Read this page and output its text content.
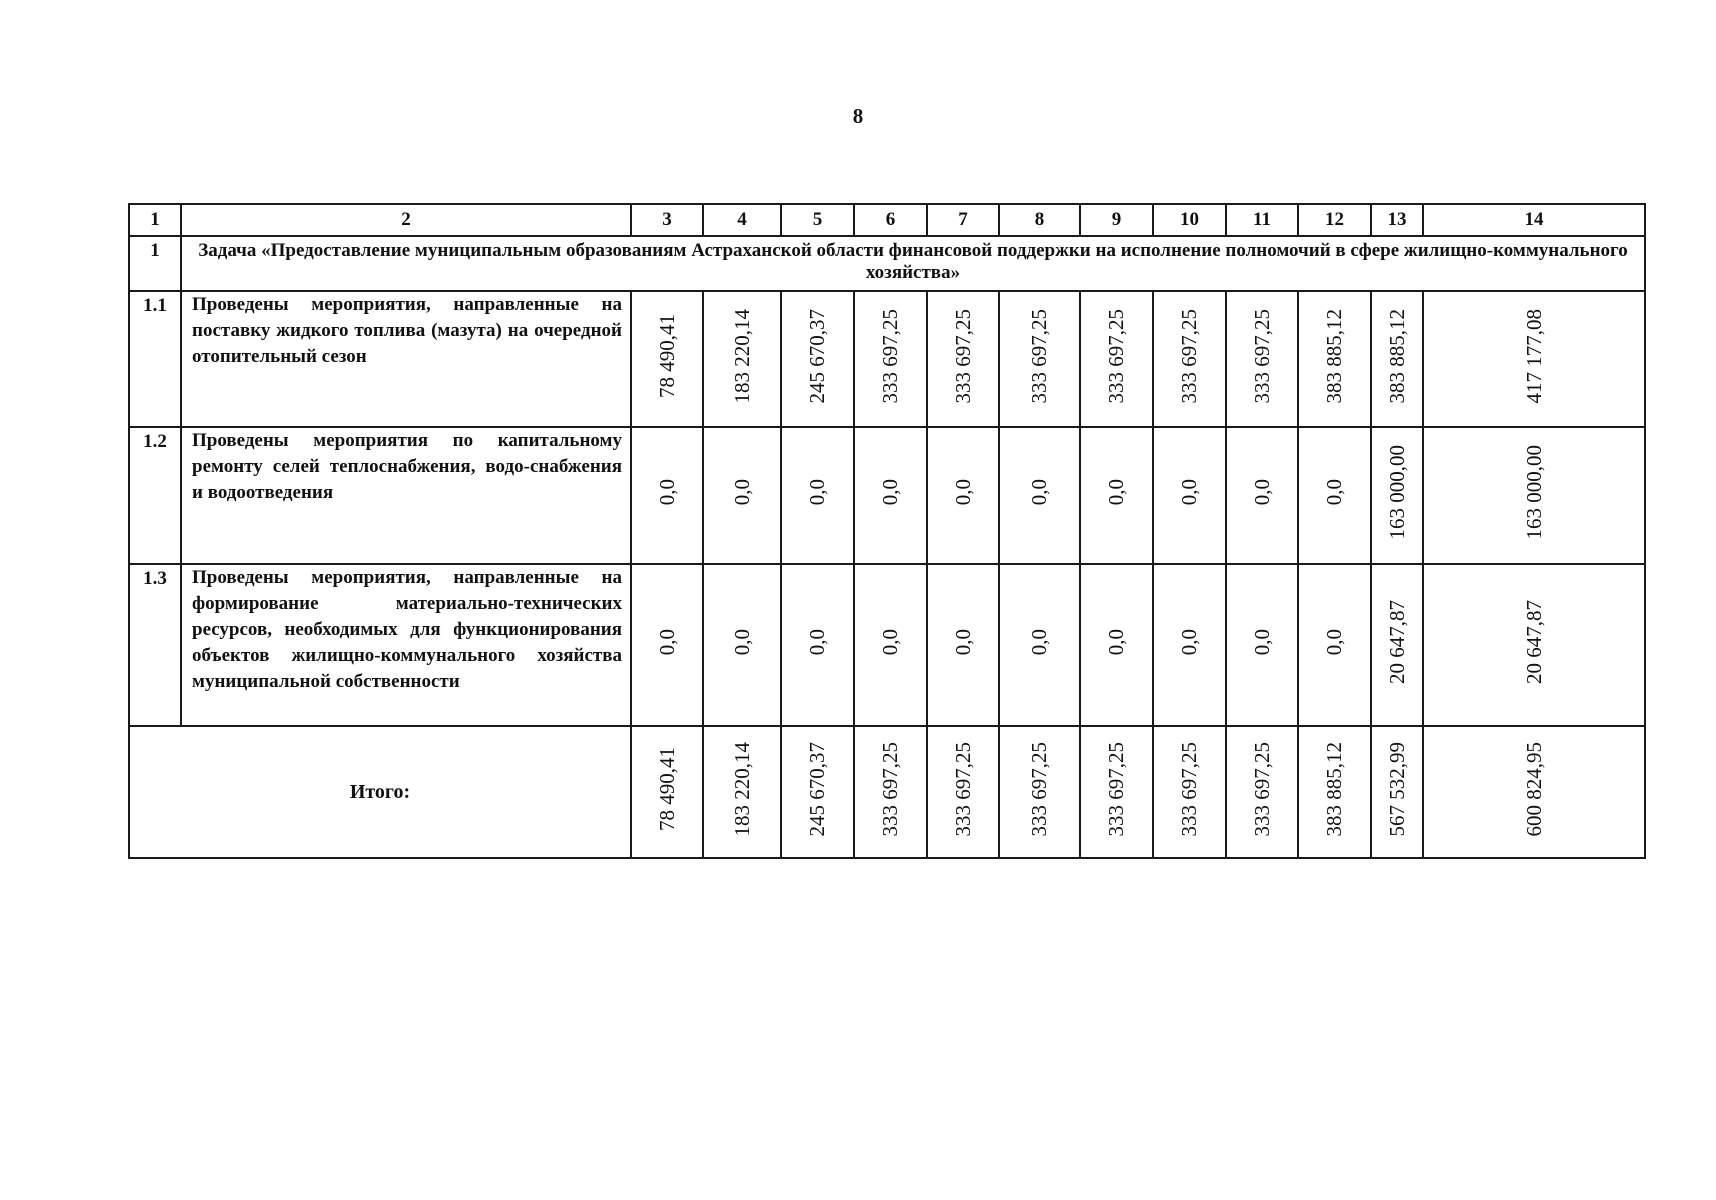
8
1	2	3	4	5	6	7	8	9	10	11	12	13	14
1	Задача «Предоставление муниципальным образованиям Астраханской области финансовой поддержки на исполнение полномочий в сфере жилищно-коммунального хозяйства»												
1.1	Проведены мероприятия, направленные на поставку жидкого топлива (мазута) на очередной отопительный сезон	78 490,41	183 220,14	245 670,37	333 697,25	333 697,25	333 697,25	333 697,25	333 697,25	333 697,25	383 885,12	383 885,12	417 177,08
1.2	Проведены мероприятия по капитальному ремонту селей теплоснабжения, водо-снабжения и водоотведения	0,0	0,0	0,0	0,0	0,0	0,0	0,0	0,0	0,0	0,0	163 000,00	163 000,00
1.3	Проведены мероприятия, направленные на формирование материально-технических ресурсов, необходимых для функционирования объектов жилищно-коммунального хозяйства муниципальной собственности	0,0	0,0	0,0	0,0	0,0	0,0	0,0	0,0	0,0	0,0	20 647,87	20 647,87
Итого:		78 490,41	183 220,14	245 670,37	333 697,25	333 697,25	333 697,25	333 697,25	333 697,25	333 697,25	383 885,12	567 532,99	600 824,95
